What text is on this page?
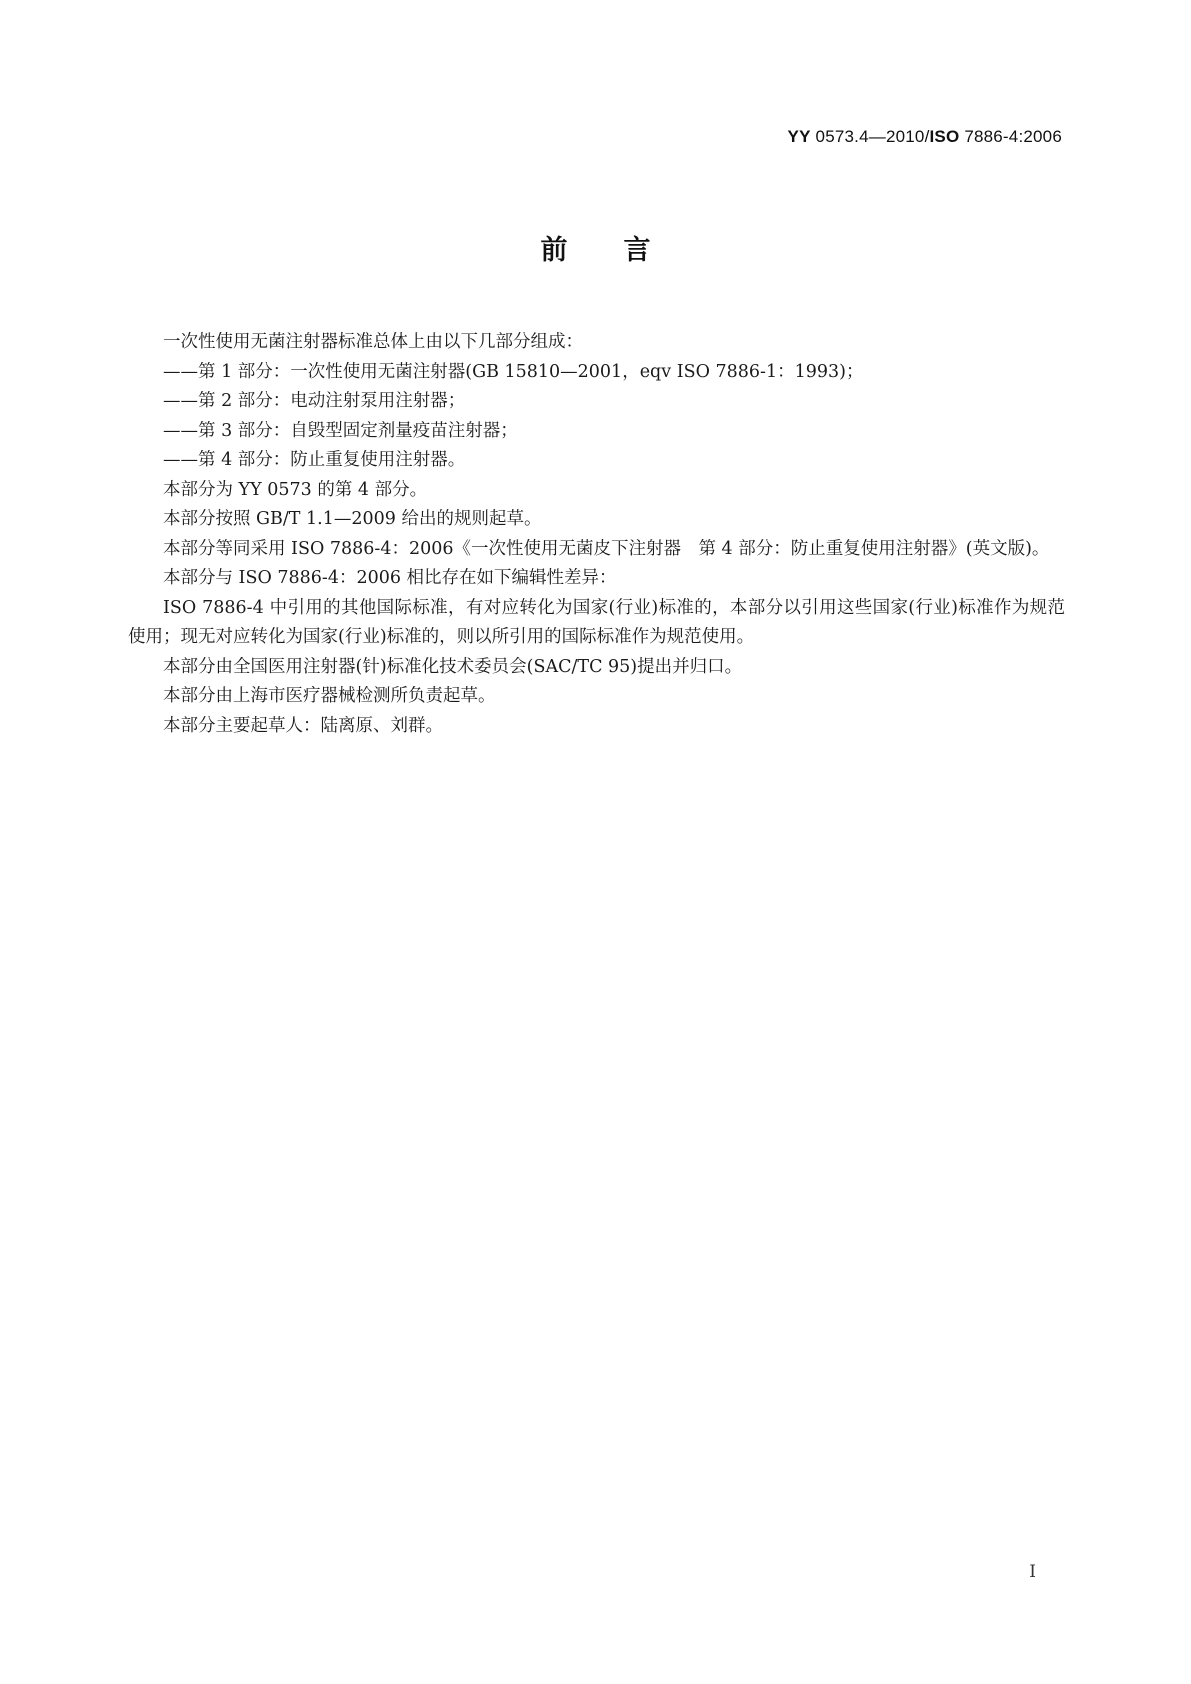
YY 0573.4—2010/ISO 7886-4:2006
前言

一次性使用无菌注射器标准总体上由以下几部分组成：

——第 1 部分：一次性使用无菌注射器(GB 15810—2001，eqv ISO 7886-1：1993)；

——第 2 部分：电动注射泵用注射器；

——第 3 部分：自毁型固定剂量疫苗注射器；

——第 4 部分：防止重复使用注射器。

本部分为 YY 0573 的第 4 部分。

本部分按照 GB/T 1.1—2009 给出的规则起草。

本部分等同采用 ISO 7886-4：2006《一次性使用无菌皮下注射器　第 4 部分：防止重复使用注射器》(英文版)。

本部分与 ISO 7886-4：2006 相比存在如下编辑性差异：

ISO 7886-4 中引用的其他国际标准，有对应转化为国家(行业)标准的，本部分以引用这些国家(行业)标准作为规范使用；现无对应转化为国家(行业)标准的，则以所引用的国际标准作为规范使用。

本部分由全国医用注射器(针)标准化技术委员会(SAC/TC 95)提出并归口。

本部分由上海市医疗器械检测所负责起草。

本部分主要起草人：陆离原、刘群。

I
